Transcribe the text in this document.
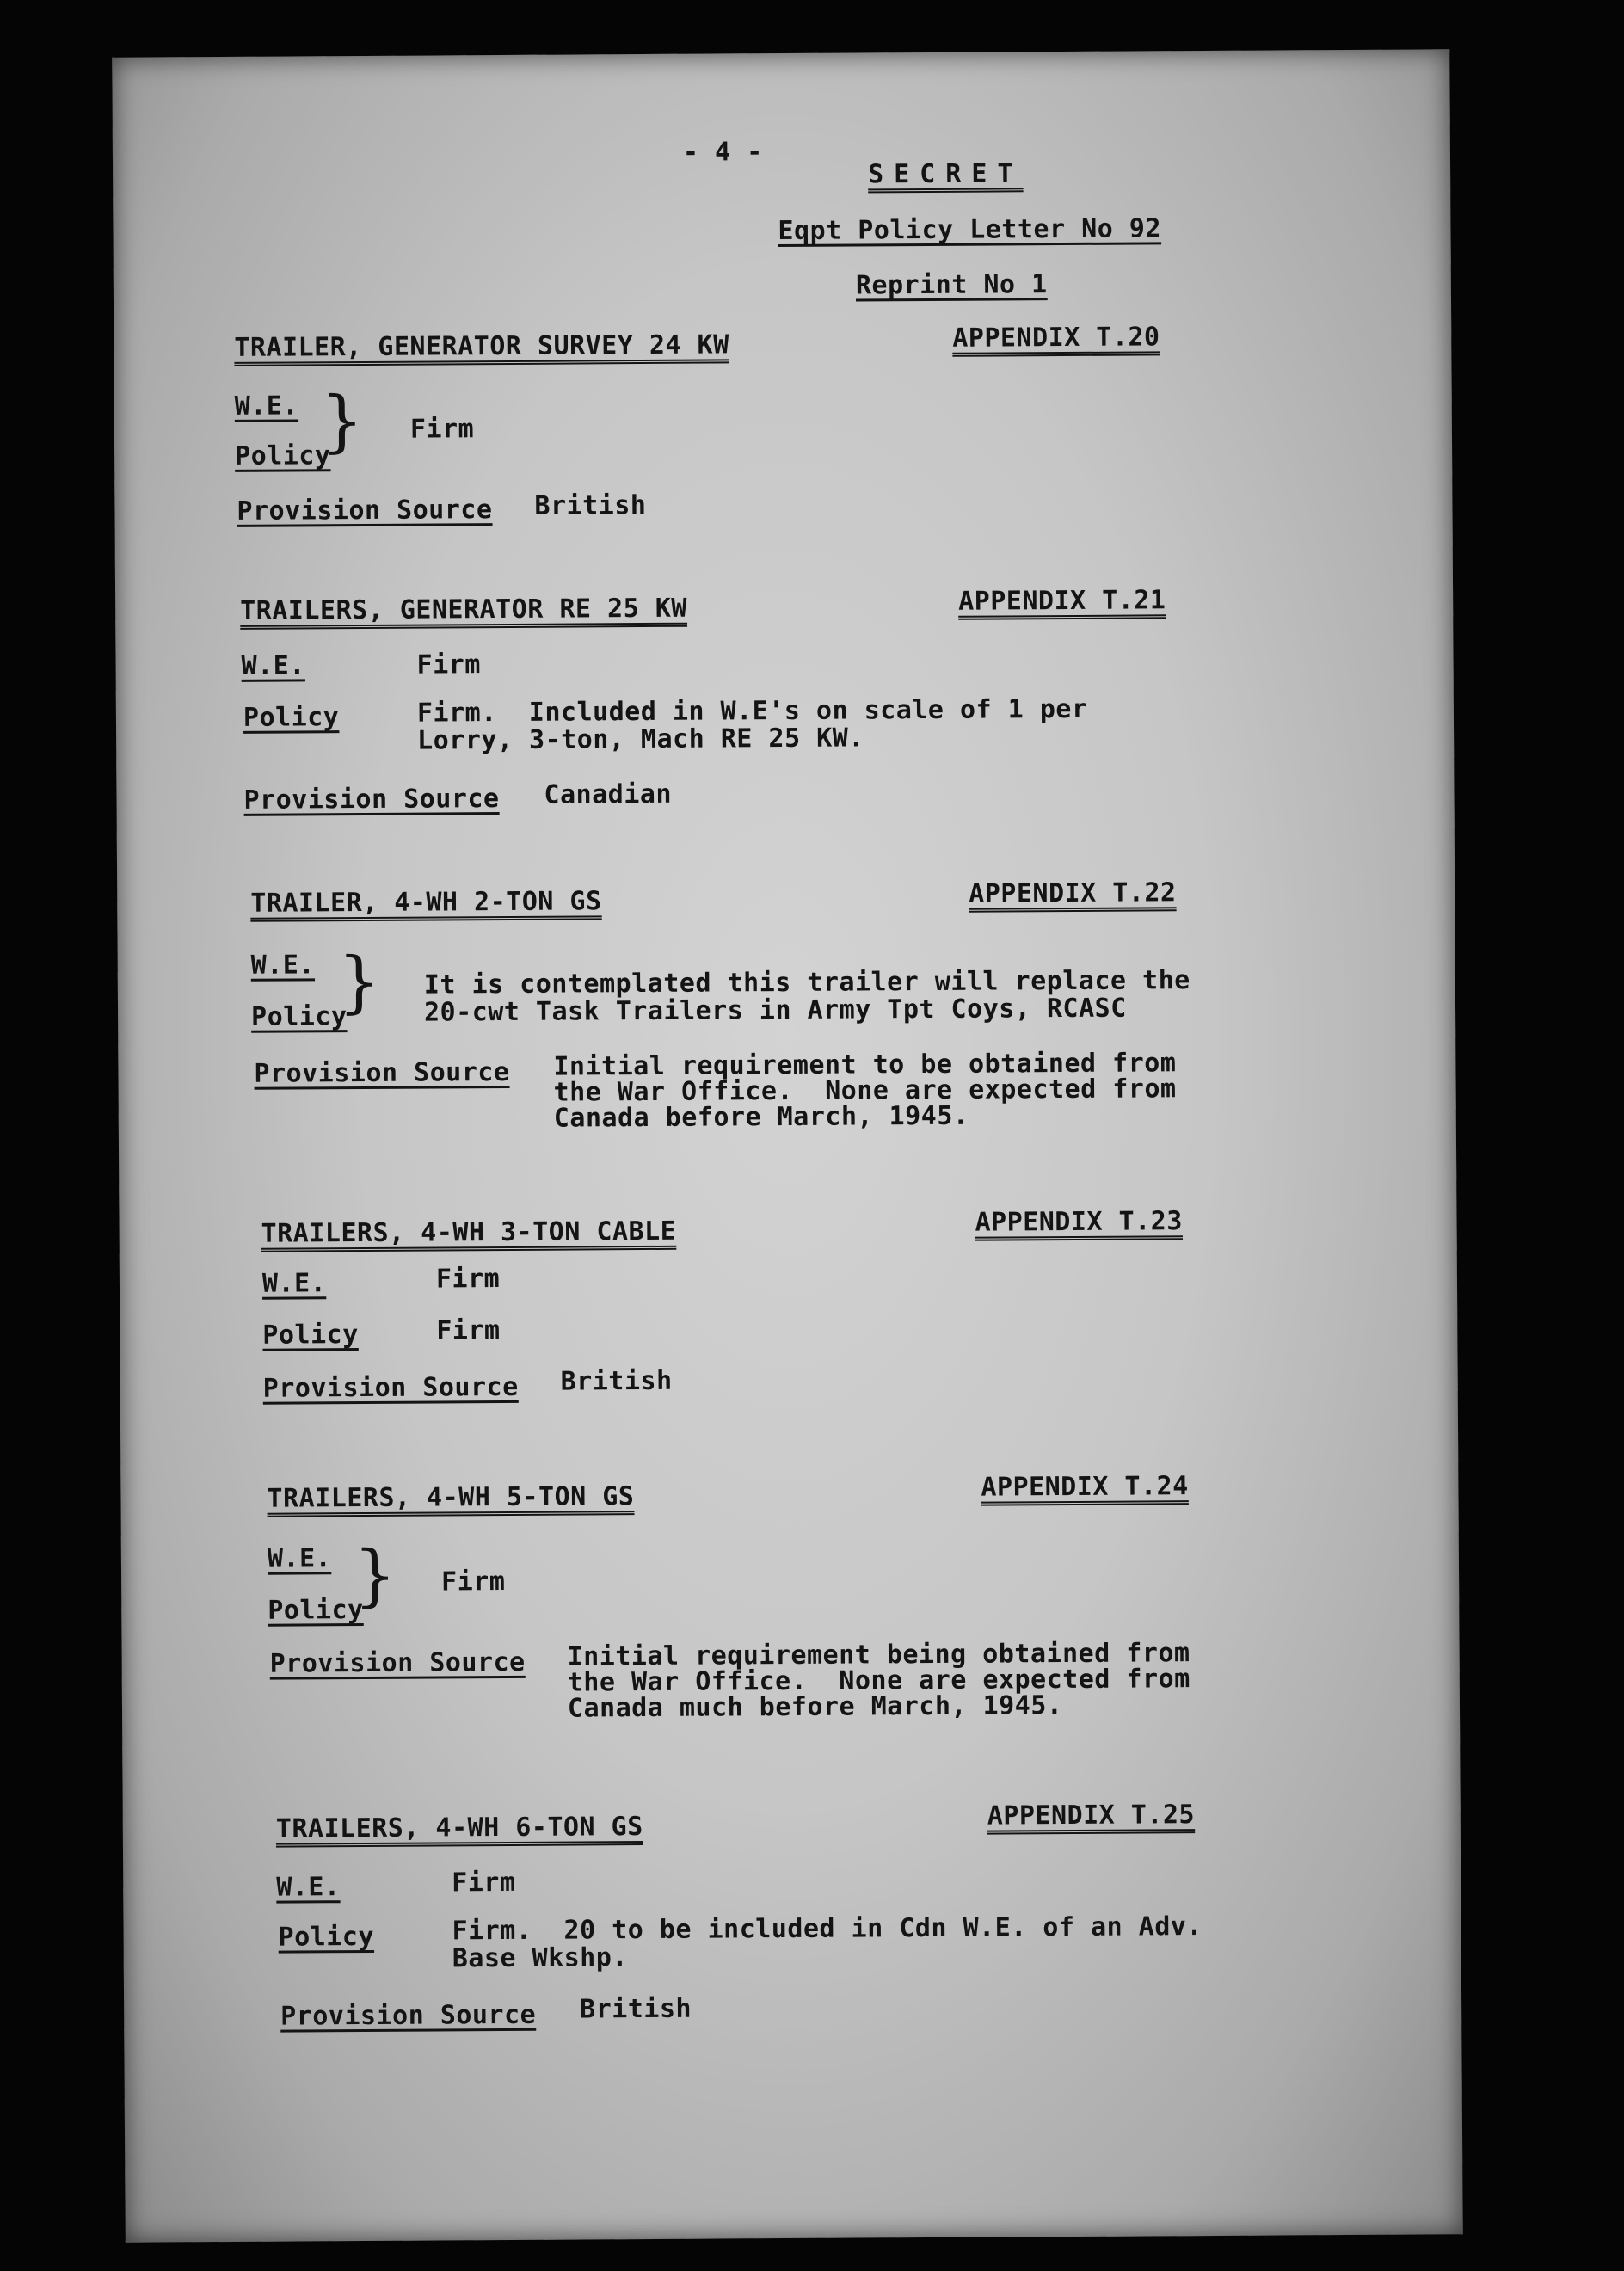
- 4 -
SECRET
Eqpt Policy Letter No 92
Reprint No 1
TRAILER, GENERATOR SURVEY 24 KW	APPENDIX T.20
W.E. } Firm
Policy
Provision Source British
TRAILERS, GENERATOR RE 25 KW	APPENDIX T.21
W.E.	Firm
Policy	Firm.  Included in W.E's on scale of 1 per
Lorry, 3-ton, Mach RE 25 KW.
Provision Source Canadian
TRAILER, 4-WH 2-TON GS	APPENDIX T.22
W.E. } It is contemplated this trailer will replace the
20-cwt Task Trailers in Army Tpt Coys, RCASC
Policy
Provision Source Initial requirement to be obtained from
the War Office.  None are expected from
Canada before March, 1945.
TRAILERS, 4-WH 3-TON CABLE	APPENDIX T.23
W.E.	Firm
Policy	Firm
Provision Source British
TRAILERS, 4-WH 5-TON GS	APPENDIX T.24
W.E. } Firm
Policy
Provision Source Initial requirement being obtained from
the War Office.  None are expected from
Canada much before March, 1945.
TRAILERS, 4-WH 6-TON GS	APPENDIX T.25
W.E.	Firm
Policy	Firm.  20 to be included in Cdn W.E. of an Adv.
Base Wkshp.
Provision Source British
